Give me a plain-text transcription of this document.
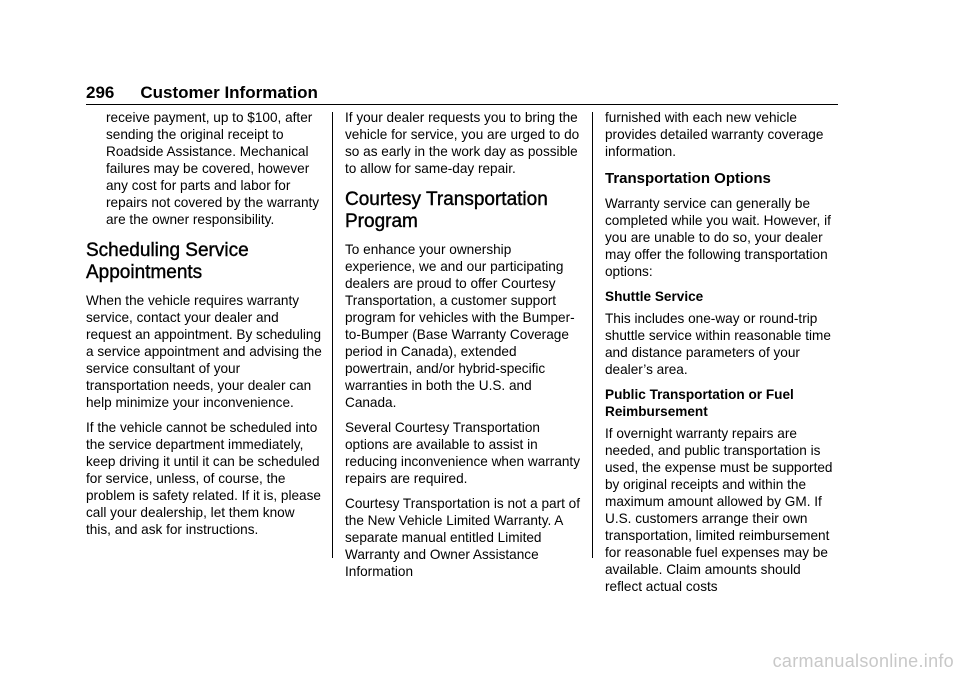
296 Customer Information

receive payment, up to $100, after sending the original receipt to Roadside Assistance. Mechanical failures may be covered, however any cost for parts and labor for repairs not covered by the warranty are the owner responsibility.

Scheduling Service Appointments

When the vehicle requires warranty service, contact your dealer and request an appointment. By scheduling a service appointment and advising the service consultant of your transportation needs, your dealer can help minimize your inconvenience.

If the vehicle cannot be scheduled into the service department immediately, keep driving it until it can be scheduled for service, unless, of course, the problem is safety related. If it is, please call your dealership, let them know this, and ask for instructions.

If your dealer requests you to bring the vehicle for service, you are urged to do so as early in the work day as possible to allow for same-day repair.

Courtesy Transportation Program

To enhance your ownership experience, we and our participating dealers are proud to offer Courtesy Transportation, a customer support program for vehicles with the Bumper-to-Bumper (Base Warranty Coverage period in Canada), extended powertrain, and/or hybrid-specific warranties in both the U.S. and Canada.

Several Courtesy Transportation options are available to assist in reducing inconvenience when warranty repairs are required.

Courtesy Transportation is not a part of the New Vehicle Limited Warranty. A separate manual entitled Limited Warranty and Owner Assistance Information

furnished with each new vehicle provides detailed warranty coverage information.

Transportation Options

Warranty service can generally be completed while you wait. However, if you are unable to do so, your dealer may offer the following transportation options:

Shuttle Service

This includes one-way or round-trip shuttle service within reasonable time and distance parameters of your dealer’s area.

Public Transportation or Fuel Reimbursement

If overnight warranty repairs are needed, and public transportation is used, the expense must be supported by original receipts and within the maximum amount allowed by GM. If U.S. customers arrange their own transportation, limited reimbursement for reasonable fuel expenses may be available. Claim amounts should reflect actual costs

carmanualsonline.info
